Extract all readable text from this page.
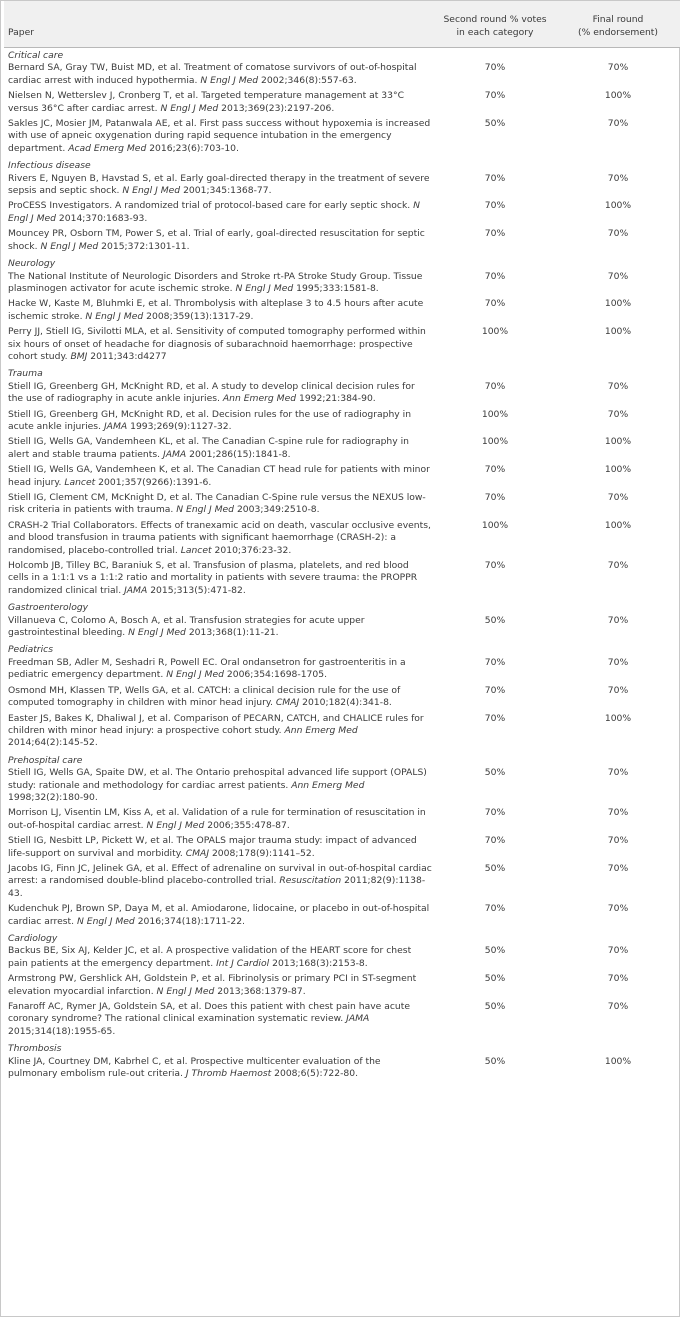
Paper	Second round % votes in each category	Final round
(% endorsement)

Critical care		
Bernard SA, Gray TW, Buist MD, et al. Treatment of comatose survivors of out-of-hospital cardiac arrest with induced hypothermia. N Engl J Med 2002;346(8):557-63.	70%	70%
Nielsen N, Wetterslev J, Cronberg T, et al. Targeted temperature management at 33°C versus 36°C after cardiac arrest. N Engl J Med 2013;369(23):2197-206.	70%	100%
Sakles JC, Mosier JM, Patanwala AE, et al. First pass success without hypoxemia is increased with use of apneic oxygenation during rapid sequence intubation in the emergency department. Acad Emerg Med 2016;23(6):703-10.	50%	70%
Infectious disease		
Rivers E, Nguyen B, Havstad S, et al. Early goal-directed therapy in the treatment of severe sepsis and septic shock. N Engl J Med 2001;345:1368-77.	70%	70%
ProCESS Investigators. A randomized trial of protocol-based care for early septic shock. N Engl J Med 2014;370:1683-93.	70%	100%
Mouncey PR, Osborn TM, Power S, et al. Trial of early, goal-directed resuscitation for septic shock. N Engl J Med 2015;372:1301-11.	70%	70%
Neurology		
The National Institute of Neurologic Disorders and Stroke rt-PA Stroke Study Group. Tissue plasminogen activator for acute ischemic stroke. N Engl J Med 1995;333:1581-8.	70%	70%
Hacke W, Kaste M, Bluhmki E, et al. Thrombolysis with alteplase 3 to 4.5 hours after acute ischemic stroke. N Engl J Med 2008;359(13):1317-29.	70%	100%
Perry JJ, Stiell IG, Sivilotti MLA, et al. Sensitivity of computed tomography performed within six hours of onset of headache for diagnosis of subarachnoid haemorrhage: prospective cohort study. BMJ 2011;343:d4277	100%	100%
Trauma		
Stiell IG, Greenberg GH, McKnight RD, et al. A study to develop clinical decision rules for the use of radiography in acute ankle injuries. Ann Emerg Med 1992;21:384-90.	70%	70%
Stiell IG, Greenberg GH, McKnight RD, et al. Decision rules for the use of radiography in acute ankle injuries. JAMA 1993;269(9):1127-32.	100%	70%
Stiell IG, Wells GA, Vandemheen KL, et al. The Canadian C-spine rule for radiography in alert and stable trauma patients. JAMA 2001;286(15):1841-8.	100%	100%
Stiell IG, Wells GA, Vandemheen K, et al. The Canadian CT head rule for patients with minor head injury. Lancet 2001;357(9266):1391-6.	70%	100%
Stiell IG, Clement CM, McKnight D, et al. The Canadian C-Spine rule versus the NEXUS low-risk criteria in patients with trauma. N Engl J Med 2003;349:2510-8.	70%	70%
CRASH-2 Trial Collaborators. Effects of tranexamic acid on death, vascular occlusive events, and blood transfusion in trauma patients with significant haemorrhage (CRASH-2): a randomised, placebo-controlled trial. Lancet 2010;376:23-32.	100%	100%
Holcomb JB, Tilley BC, Baraniuk S, et al. Transfusion of plasma, platelets, and red blood cells in a 1:1:1 vs a 1:1:2 ratio and mortality in patients with severe trauma: the PROPPR randomized clinical trial. JAMA 2015;313(5):471-82.	70%	70%
Gastroenterology		
Villanueva C, Colomo A, Bosch A, et al. Transfusion strategies for acute upper gastrointestinal bleeding. N Engl J Med 2013;368(1):11-21.	50%	70%
Pediatrics		
Freedman SB, Adler M, Seshadri R, Powell EC. Oral ondansetron for gastroenteritis in a pediatric emergency department. N Engl J Med 2006;354:1698-1705.	70%	70%
Osmond MH, Klassen TP, Wells GA, et al. CATCH: a clinical decision rule for the use of computed tomography in children with minor head injury. CMAJ 2010;182(4):341-8.	70%	70%
Easter JS, Bakes K, Dhaliwal J, et al. Comparison of PECARN, CATCH, and CHALICE rules for children with minor head injury: a prospective cohort study. Ann Emerg Med 2014;64(2):145-52.	70%	100%
Prehospital care		
Stiell IG, Wells GA, Spaite DW, et al. The Ontario prehospital advanced life support (OPALS) study: rationale and methodology for cardiac arrest patients. Ann Emerg Med 1998;32(2):180-90.	50%	70%
Morrison LJ, Visentin LM, Kiss A, et al. Validation of a rule for termination of resuscitation in out-of-hospital cardiac arrest. N Engl J Med 2006;355:478-87.	70%	70%
Stiell IG, Nesbitt LP, Pickett W, et al. The OPALS major trauma study: impact of advanced life-support on survival and morbidity. CMAJ 2008;178(9):1141–52.	70%	70%
Jacobs IG, Finn JC, Jelinek GA, et al. Effect of adrenaline on survival in out-of-hospital cardiac arrest: a randomised double-blind placebo-controlled trial. Resuscitation 2011;82(9):1138-43.	50%	70%
Kudenchuk PJ, Brown SP, Daya M, et al. Amiodarone, lidocaine, or placebo in out-of-hospital cardiac arrest. N Engl J Med 2016;374(18):1711-22.	70%	70%
Cardiology		
Backus BE, Six AJ, Kelder JC, et al. A prospective validation of the HEART score for chest pain patients at the emergency department. Int J Cardiol 2013;168(3):2153-8.	50%	70%
Armstrong PW, Gershlick AH, Goldstein P, et al. Fibrinolysis or primary PCI in ST-segment elevation myocardial infarction. N Engl J Med 2013;368:1379-87.	50%	70%
Fanaroff AC, Rymer JA, Goldstein SA, et al. Does this patient with chest pain have acute coronary syndrome? The rational clinical examination systematic review. JAMA 2015;314(18):1955-65.	50%	70%
Thrombosis		
Kline JA, Courtney DM, Kabrhel C, et al. Prospective multicenter evaluation of the pulmonary embolism rule-out criteria. J Thromb Haemost 2008;6(5):722-80.	50%	100%
